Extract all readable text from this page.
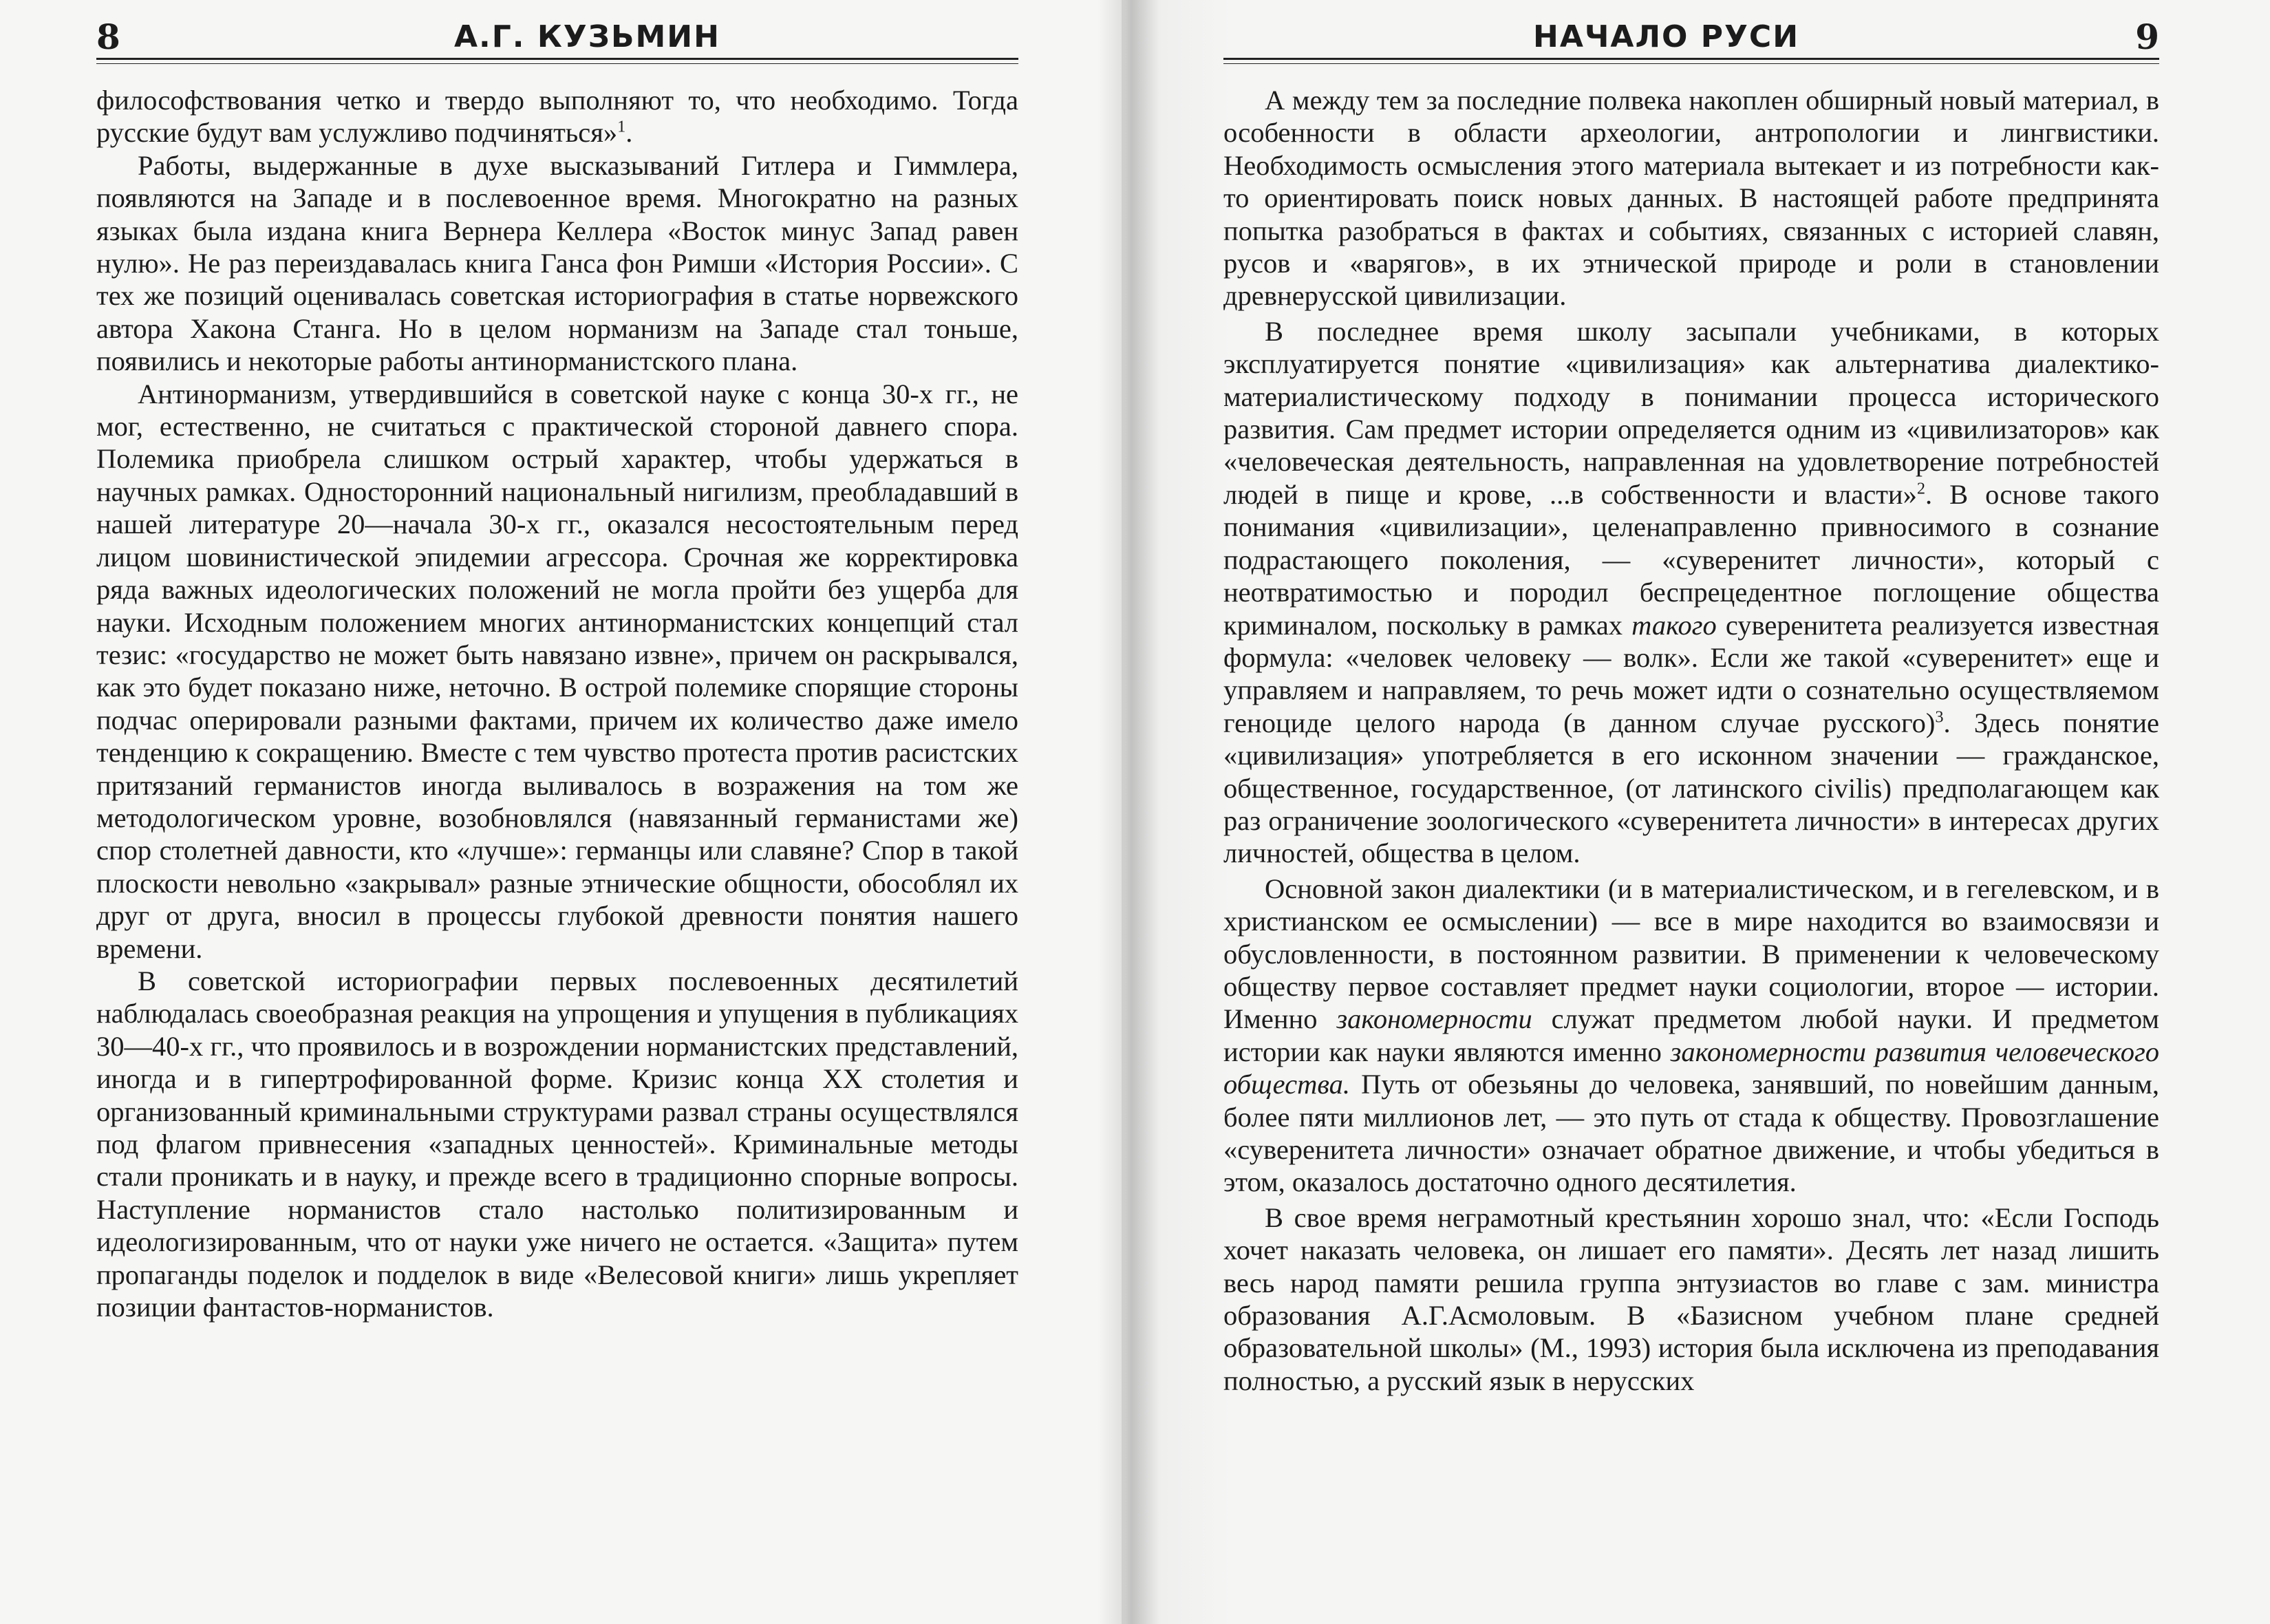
8	А.Г. КУЗЬМИН

философствования четко и твердо выполняют то, что необходимо. Тогда русские будут вам услужливо подчиняться»$^1$.

Работы, выдержанные в духе высказываний Гитлера и Гиммлера, появляются на Западе и в послевоенное время. Многократно на разных языках была издана книга Вернера Келлера «Восток минус Запад равен нулю». Не раз переиздавалась книга Ганса фон Римши «История России». С тех же позиций оценивалась советская историография в статье норвежского автора Хакона Станга. Но в целом норманизм на Западе стал тоньше, появились и некоторые работы антинорманистского плана.

Антинорманизм, утвердившийся в советской науке с конца 30-х гг., не мог, естественно, не считаться с практической стороной давнего спора. Полемика приобрела слишком острый характер, чтобы удержаться в научных рамках. Односторонний национальный нигилизм, преобладавший в нашей литературе 20—начала 30-х гг., оказался несостоятельным перед лицом шовинистической эпидемии агрессора. Срочная же корректировка ряда важных идеологических положений не могла пройти без ущерба для науки. Исходным положением многих антинорманистских концепций стал тезис: «государство не может быть навязано извне», причем он раскрывался, как это будет показано ниже, неточно. В острой полемике спорящие стороны подчас оперировали разными фактами, причем их количество даже имело тенденцию к сокращению. Вместе с тем чувство протеста против расистских притязаний германистов иногда выливалось в возражения на том же методологическом уровне, возобновлялся (навязанный германистами же) спор столетней давности, кто «лучше»: германцы или славяне? Спор в такой плоскости невольно «закрывал» разные этнические общности, обособлял их друг от друга, вносил в процессы глубокой древности понятия нашего времени.

В советской историографии первых послевоенных десятилетий наблюдалась своеобразная реакция на упрощения и упущения в публикациях 30—40-х гг., что проявилось и в возрождении норманистских представлений, иногда и в гипертрофированной форме. Кризис конца XX столетия и организованный криминальными структурами развал страны осуществлялся под флагом привнесения «западных ценностей». Криминальные методы стали проникать и в науку, и прежде всего в традиционно спорные вопросы. Наступление норманистов стало настолько политизированным и идеологизированным, что от науки уже ничего не остается. «Защита» путем пропаганды поделок и подделок в виде «Велесовой книги» лишь укрепляет позиции фантастов-норманистов.

НАЧАЛО РУСИ	9

А между тем за последние полвека накоплен обширный новый материал, в особенности в области археологии, антропологии и лингвистики. Необходимость осмысления этого материала вытекает и из потребности как-то ориентировать поиск новых данных. В настоящей работе предпринята попытка разобраться в фактах и событиях, связанных с историей славян, русов и «варягов», в их этнической природе и роли в становлении древнерусской цивилизации.

В последнее время школу засыпали учебниками, в которых эксплуатируется понятие «цивилизация» как альтернатива диалектико-материалистическому подходу в понимании процесса исторического развития. Сам предмет истории определяется одним из «цивилизаторов» как «человеческая деятельность, направленная на удовлетворение потребностей людей в пище и крове, ...в собственности и власти»$^2$. В основе такого понимания «цивилизации», целенаправленно привносимого в сознание подрастающего поколения, — «суверенитет личности», который с неотвратимостью и породил беспрецедентное поглощение общества криминалом, поскольку в рамках такого суверенитета реализуется известная формула: «человек человеку — волк». Если же такой «суверенитет» еще и управляем и направляем, то речь может идти о сознательно осуществляемом геноциде целого народа (в данном случае русского)$^3$. Здесь понятие «цивилизация» употребляется в его исконном значении — гражданское, общественное, государственное, (от латинского civilis) предполагающем как раз ограничение зоологического «суверенитета личности» в интересах других личностей, общества в целом.

Основной закон диалектики (и в материалистическом, и в гегелевском, и в христианском ее осмыслении) — все в мире находится во взаимосвязи и обусловленности, в постоянном развитии. В применении к человеческому обществу первое составляет предмет науки социологии, второе — истории. Именно закономерности служат предметом любой науки. И предметом истории как науки являются именно закономерности развития человеческого общества. Путь от обезьяны до человека, занявший, по новейшим данным, более пяти миллионов лет, — это путь от стада к обществу. Провозглашение «суверенитета личности» означает обратное движение, и чтобы убедиться в этом, оказалось достаточно одного десятилетия.

В свое время неграмотный крестьянин хорошо знал, что: «Если Господь хочет наказать человека, он лишает его памяти». Десять лет назад лишить весь народ памяти решила группа энтузиастов во главе с зам. министра образования А.Г.Асмоловым. В «Базисном учебном плане средней образовательной школы» (М., 1993) история была исключена из преподавания полностью, а русский язык в нерусских
